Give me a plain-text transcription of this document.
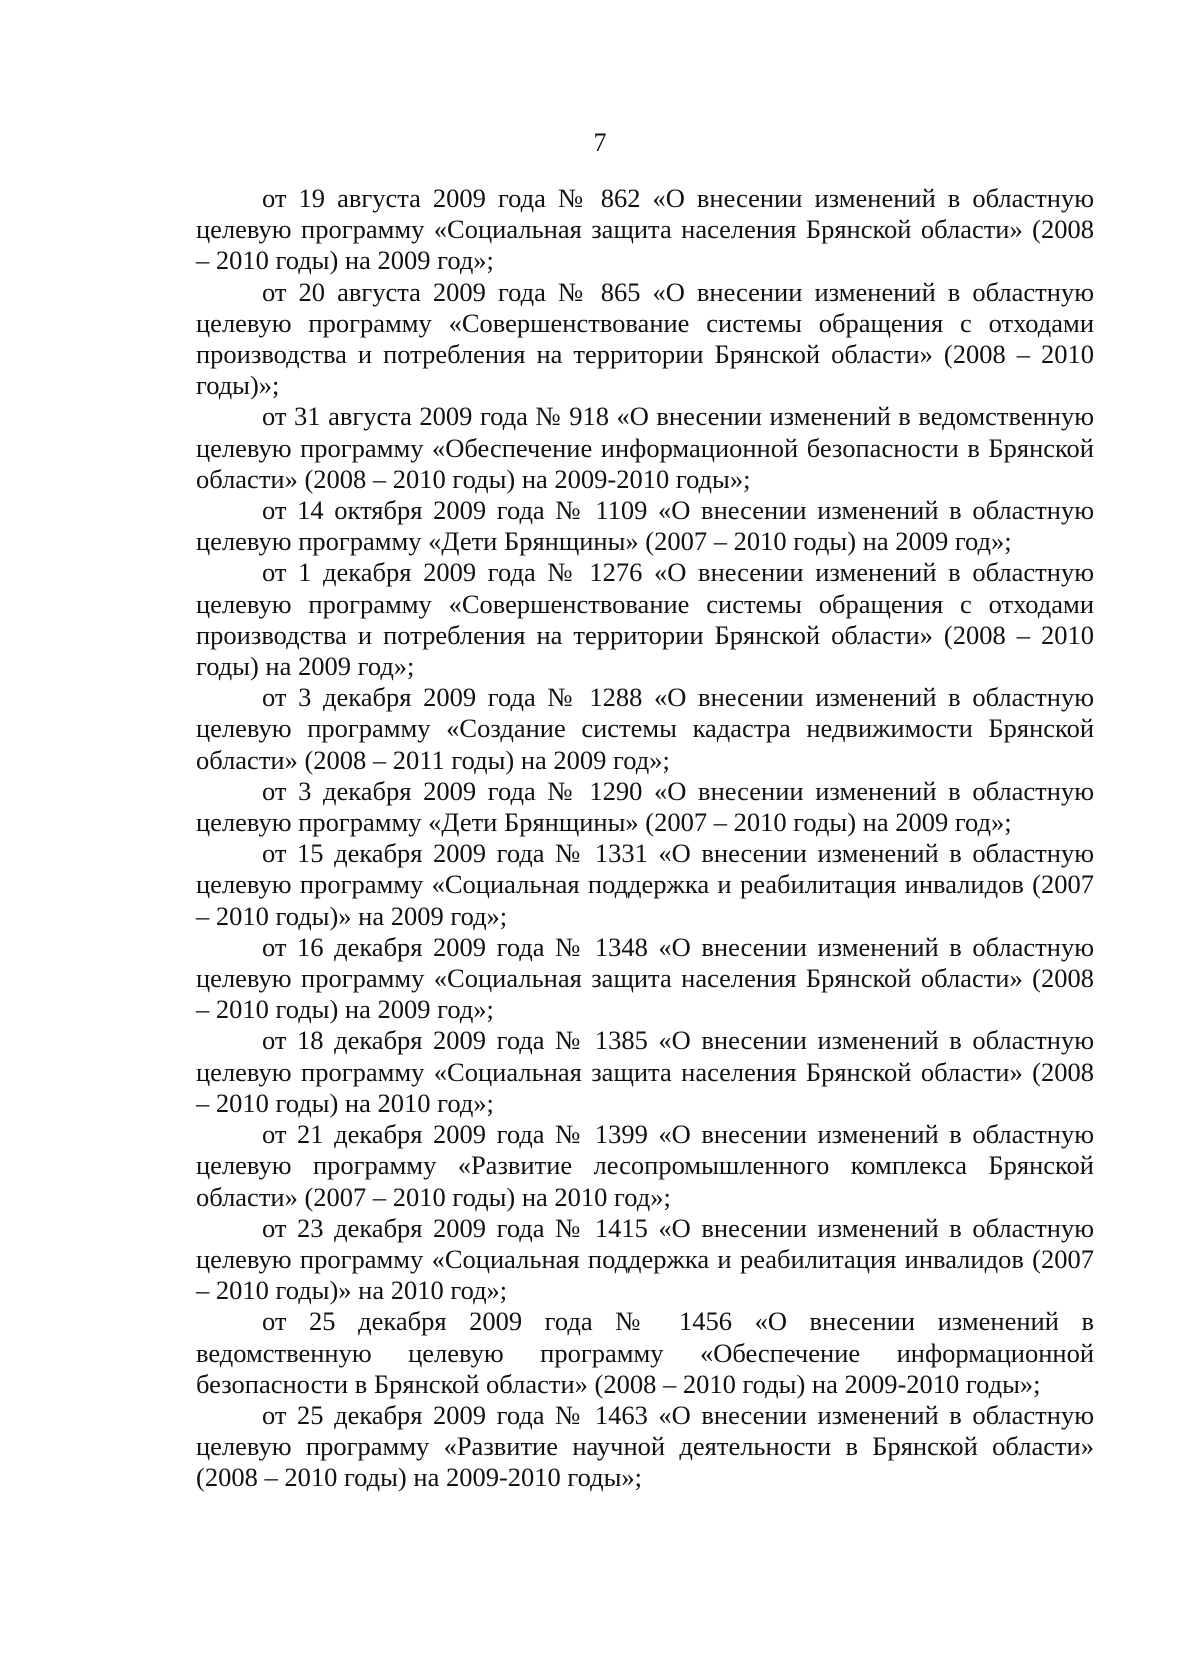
7

от 19 августа 2009 года № 862 «О внесении изменений в областную целевую программу «Социальная защита населения Брянской области» (2008 – 2010 годы) на 2009 год»;

от 20 августа 2009 года № 865 «О внесении изменений в областную целевую программу «Совершенствование системы обращения с отходами производства и потребления на территории Брянской области» (2008 – 2010 годы)»;

от 31 августа 2009 года № 918 «О внесении изменений в ведомственную целевую программу «Обеспечение информационной безопасности в Брянской области» (2008 – 2010 годы) на 2009-2010 годы»;

от 14 октября 2009 года № 1109 «О внесении изменений в областную целевую программу «Дети Брянщины» (2007 – 2010 годы) на 2009 год»;

от 1 декабря 2009 года № 1276 «О внесении изменений в областную целевую программу «Совершенствование системы обращения с отходами производства и потребления на территории Брянской области» (2008 – 2010 годы) на 2009 год»;

от 3 декабря 2009 года № 1288 «О внесении изменений в областную целевую программу «Создание системы кадастра недвижимости Брянской области» (2008 – 2011 годы) на 2009 год»;

от 3 декабря 2009 года № 1290 «О внесении изменений в областную целевую программу «Дети Брянщины» (2007 – 2010 годы) на 2009 год»;

от 15 декабря 2009 года № 1331 «О внесении изменений в областную целевую программу «Социальная поддержка и реабилитация инвалидов (2007 – 2010 годы)» на 2009 год»;

от 16 декабря 2009 года № 1348 «О внесении изменений в областную целевую программу «Социальная защита населения Брянской области» (2008 – 2010 годы) на 2009 год»;

от 18 декабря 2009 года № 1385 «О внесении изменений в областную целевую программу «Социальная защита населения Брянской области» (2008 – 2010 годы) на 2010 год»;

от 21 декабря 2009 года № 1399 «О внесении изменений в областную целевую программу «Развитие лесопромышленного комплекса Брянской области» (2007 – 2010 годы) на 2010 год»;

от 23 декабря 2009 года № 1415 «О внесении изменений в областную целевую программу «Социальная поддержка и реабилитация инвалидов (2007 – 2010 годы)» на 2010 год»;

от 25 декабря 2009 года № 1456 «О внесении изменений в ведомственную целевую программу «Обеспечение информационной безопасности в Брянской области» (2008 – 2010 годы) на 2009-2010 годы»;

от 25 декабря 2009 года № 1463 «О внесении изменений в областную целевую программу «Развитие научной деятельности в Брянской области» (2008 – 2010 годы) на 2009-2010 годы»;
